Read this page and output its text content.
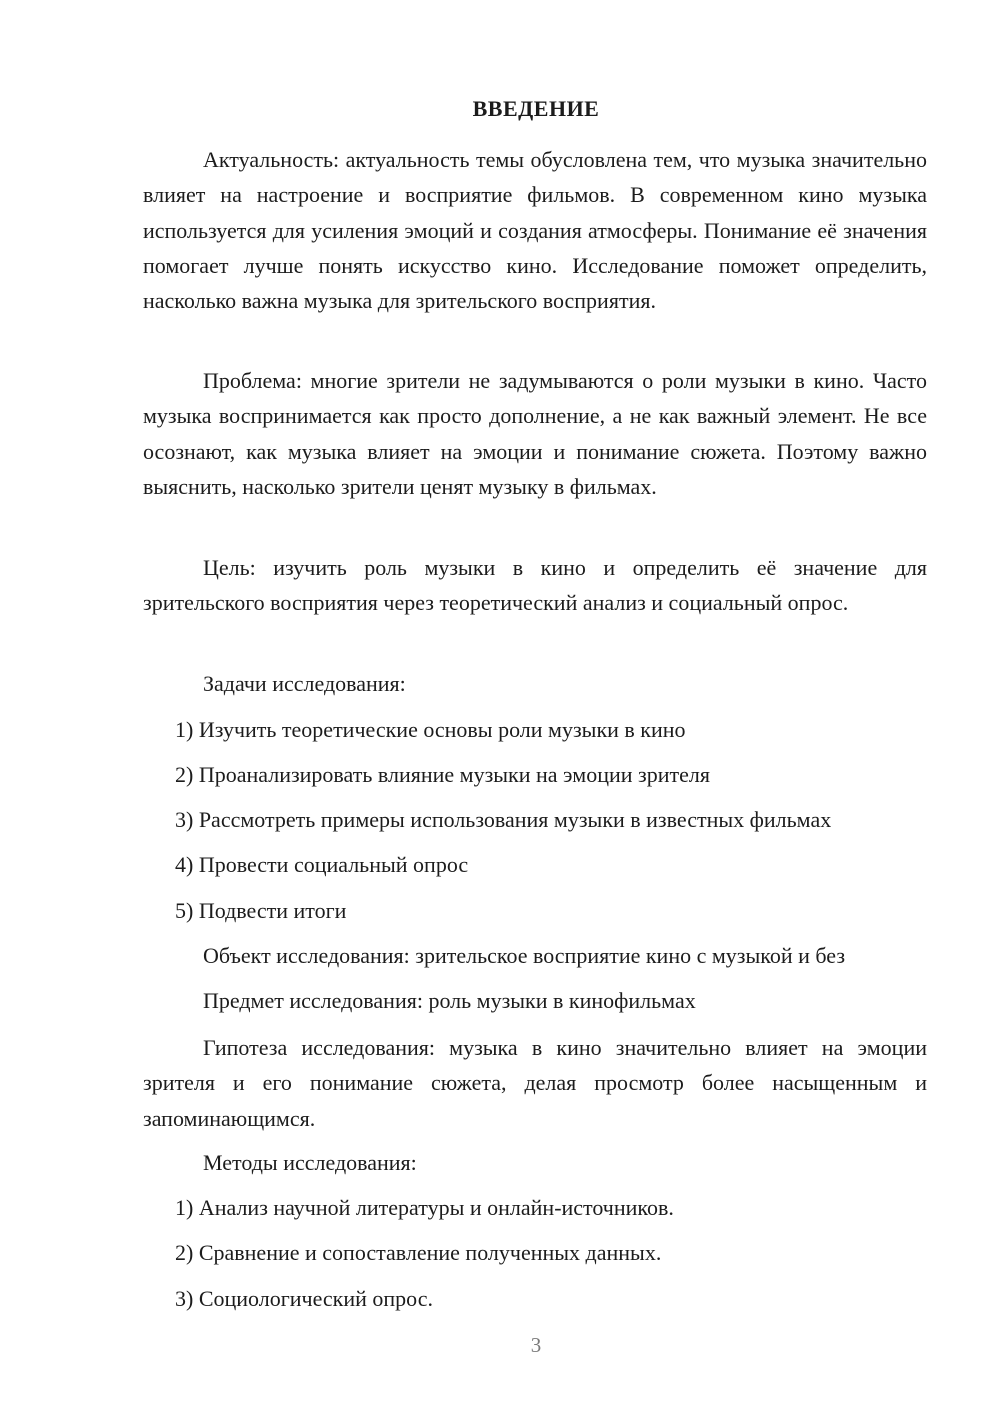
ВВЕДЕНИЕ

Актуальность: актуальность темы обусловлена тем, что музыка значительно влияет на настроение и восприятие фильмов. В современном кино музыка используется для усиления эмоций и создания атмосферы. Понимание её значения помогает лучше понять искусство кино. Исследование поможет определить, насколько важна музыка для зрительского восприятия.

Проблема: многие зрители не задумываются о роли музыки в кино. Часто музыка воспринимается как просто дополнение, а не как важный элемент. Не все осознают, как музыка влияет на эмоции и понимание сюжета. Поэтому важно выяснить, насколько зрители ценят музыку в фильмах.

Цель: изучить роль музыки в кино и определить её значение для зрительского восприятия через теоретический анализ и социальный опрос.

Задачи исследования:
1) Изучить теоретические основы роли музыки в кино
2) Проанализировать влияние музыки на эмоции зрителя
3) Рассмотреть примеры использования музыки в известных фильмах
4) Провести социальный опрос
5) Подвести итоги
Объект исследования: зрительское восприятие кино с музыкой и без
Предмет исследования: роль музыки в кинофильмах

Гипотеза исследования: музыка в кино значительно влияет на эмоции зрителя и его понимание сюжета, делая просмотр более насыщенным и запоминающимся.

Методы исследования:
1) Анализ научной литературы и онлайн-источников.
2) Сравнение и сопоставление полученных данных.
3) Социологический опрос.
3
